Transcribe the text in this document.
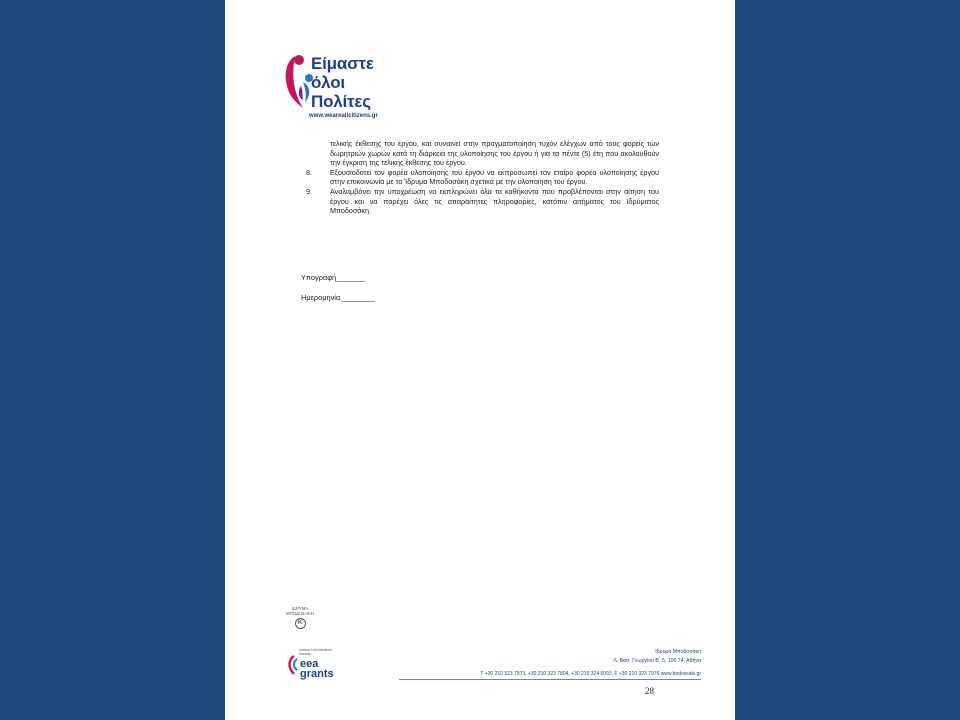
Είμαστε
όλοι
Πολίτες
www.weareallcitizens.gr

τελικής έκθεσης του έργου, και συναινεί στην πραγματοποίηση τυχόν ελέγχων από τους φορείς των δωρητριών χωρών κατά τη διάρκεια της υλοποίησης του έργου ή για τα πέντε (5) έτη που ακολουθούν την έγκριση της τελικής έκθεσης του έργου.

8.	Εξουσιοδοτεί τον φορέα υλοποίησης του έργου να εκπροσωπεί τον εταίρο φορέα υλοποίησης έργου στην επικοινωνία με το Ίδρυμα Μποδοσάκη σχετικά με την υλοποίηση του έργου.
9.	Αναλαμβάνει την υποχρέωση να εκπληρώνει όλα τα καθήκοντα που προβλέπονται στην αίτηση του έργου και να παρέχει όλες τις απαραίτητες πληροφορίες, κατόπιν αιτήματος του Ιδρύματος Μποδοσάκη.
Υπογραφή_______
Ημερομηνία ________
ΙΔΡΥΜΑ
ΜΠΟΔΟΣΑΚΗ
Κ
Iceland Liechtenstein Norway
eea
grants
Ίδρυμα Μποδοσάκη
Λ. Βασ. Γεωργίου Β΄ 5, 106 74, Αθήνα
T +30 210 323 7973, +30 210 323 7804, +30 210 324 6003, F +30 210 323 7976 www.bodossaki.gr
28
